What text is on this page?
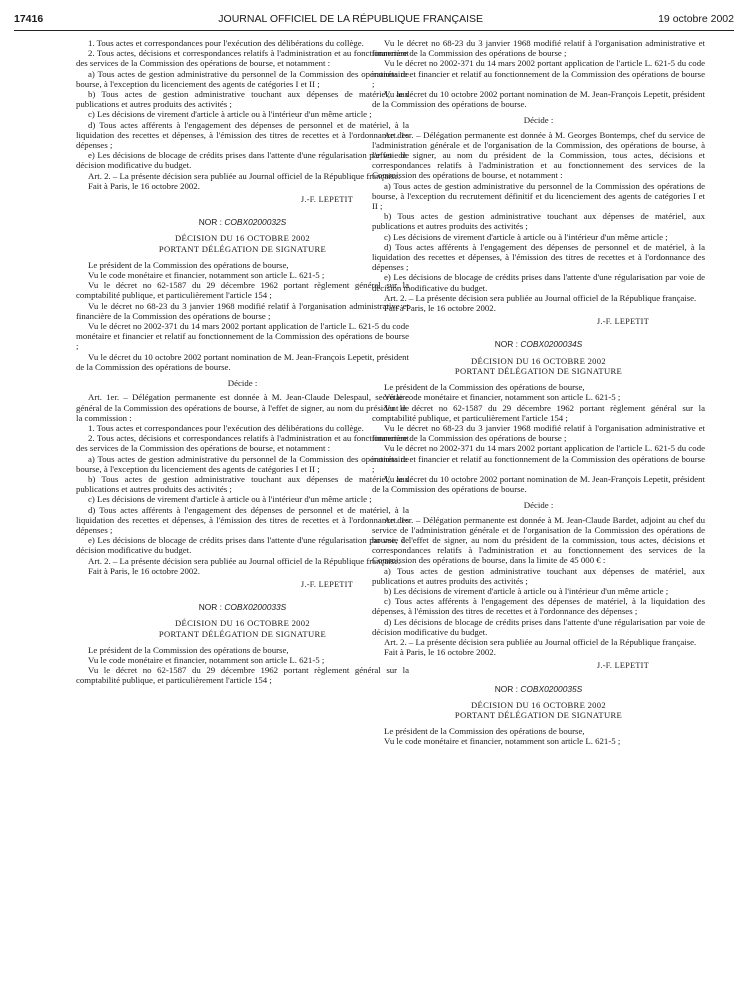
17416	JOURNAL OFFICIEL DE LA RÉPUBLIQUE FRANÇAISE	19 octobre 2002

1. Tous actes et correspondances pour l'exécution des délibérations du collège.

2. Tous actes, décisions et correspondances relatifs à l'administration et au fonctionnement des services de la Commission des opérations de bourse, et notamment :

a) Tous actes de gestion administrative du personnel de la Commission des opérations de bourse, à l'exception du licenciement des agents de catégories I et II ;

b) Tous actes de gestion administrative touchant aux dépenses de matériel, aux publications et autres produits des activités ;

c) Les décisions de virement d'article à article ou à l'intérieur d'un même article ;

d) Tous actes afférents à l'engagement des dépenses de personnel et de matériel, à la liquidation des recettes et dépenses, à l'émission des titres de recettes et à l'ordonnance des dépenses ;

e) Les décisions de blocage de crédits prises dans l'attente d'une régularisation par voie de décision modificative du budget.

Art. 2. – La présente décision sera publiée au Journal officiel de la République française.

Fait à Paris, le 16 octobre 2002.

J.-F. LEPETIT
NOR : COBX0200032S
DÉCISION DU 16 OCTOBRE 2002
PORTANT DÉLÉGATION DE SIGNATURE

Le président de la Commission des opérations de bourse,

Vu le code monétaire et financier, notamment son article L. 621-5 ;

Vu le décret no 62-1587 du 29 décembre 1962 portant règlement général sur la comptabilité publique, et particulièrement l'article 154 ;

Vu le décret no 68-23 du 3 janvier 1968 modifié relatif à l'organisation administrative et financière de la Commission des opérations de bourse ;

Vu le décret no 2002-371 du 14 mars 2002 portant application de l'article L. 621-5 du code monétaire et financier et relatif au fonctionnement de la Commission des opérations de bourse ;

Vu le décret du 10 octobre 2002 portant nomination de M. Jean-François Lepetit, président de la Commission des opérations de bourse.

Décide :

Art. 1er. – Délégation permanente est donnée à M. Jean-Claude Delespaul, secrétaire général de la Commission des opérations de bourse, à l'effet de signer, au nom du président de la commission :

1. Tous actes et correspondances pour l'exécution des délibérations du collège.

2. Tous actes, décisions et correspondances relatifs à l'administration et au fonctionnement des services de la Commission des opérations de bourse, et notamment :

a) Tous actes de gestion administrative du personnel de la Commission des opérations de bourse, à l'exception du licenciement des agents de catégories I et II ;

b) Tous actes de gestion administrative touchant aux dépenses de matériel, aux publications et autres produits des activités ;

c) Les décisions de virement d'article à article ou à l'intérieur d'un même article ;

d) Tous actes afférents à l'engagement des dépenses de personnel et de matériel, à la liquidation des recettes et dépenses, à l'émission des titres de recettes et à l'ordonnance des dépenses ;

e) Les décisions de blocage de crédits prises dans l'attente d'une régularisation par voie de décision modificative du budget.

Art. 2. – La présente décision sera publiée au Journal officiel de la République française.

Fait à Paris, le 16 octobre 2002.

J.-F. LEPETIT
NOR : COBX0200033S
DÉCISION DU 16 OCTOBRE 2002
PORTANT DÉLÉGATION DE SIGNATURE

Le président de la Commission des opérations de bourse,

Vu le code monétaire et financier, notamment son article L. 621-5 ;

Vu le décret no 62-1587 du 29 décembre 1962 portant règlement général sur la comptabilité publique, et particulièrement l'article 154 ;

Vu le décret no 68-23 du 3 janvier 1968 modifié relatif à l'organisation administrative et financière de la Commission des opérations de bourse ;

Vu le décret no 2002-371 du 14 mars 2002 portant application de l'article L. 621-5 du code monétaire et financier et relatif au fonctionnement de la Commission des opérations de bourse ;

Vu le décret du 10 octobre 2002 portant nomination de M. Jean-François Lepetit, président de la Commission des opérations de bourse.

Décide :

Art. 1er. – Délégation permanente est donnée à M. Georges Bontemps, chef du service de l'administration générale et de l'organisation de la Commission, des opérations de bourse, à l'effet de signer, au nom du président de la Commission, tous actes, décisions et correspondances relatifs à l'administration et au fonctionnement des services de la Commission des opérations de bourse, et notamment :

a) Tous actes de gestion administrative du personnel de la Commission des opérations de bourse, à l'exception du recrutement définitif et du licenciement des agents de catégories I et II ;

b) Tous actes de gestion administrative touchant aux dépenses de matériel, aux publications et autres produits des activités ;

c) Les décisions de virement d'article à article ou à l'intérieur d'un même article ;

d) Tous actes afférents à l'engagement des dépenses de personnel et de matériel, à la liquidation des recettes et dépenses, à l'émission des titres de recettes et à l'ordonnance des dépenses ;

e) Les décisions de blocage de crédits prises dans l'attente d'une régularisation par voie de décision modificative du budget.

Art. 2. – La présente décision sera publiée au Journal officiel de la République française.

Fait à Paris, le 16 octobre 2002.

J.-F. LEPETIT
NOR : COBX0200034S
DÉCISION DU 16 OCTOBRE 2002
PORTANT DÉLÉGATION DE SIGNATURE

Le président de la Commission des opérations de bourse,

Vu le code monétaire et financier, notamment son article L. 621-5 ;

Vu le décret no 62-1587 du 29 décembre 1962 portant règlement général sur la comptabilité publique, et particulièrement l'article 154 ;

Vu le décret no 68-23 du 3 janvier 1968 modifié relatif à l'organisation administrative et financière de la Commission des opérations de bourse ;

Vu le décret no 2002-371 du 14 mars 2002 portant application de l'article L. 621-5 du code monétaire et financier et relatif au fonctionnement de la Commission des opérations de bourse ;

Vu le décret du 10 octobre 2002 portant nomination de M. Jean-François Lepetit, président de la Commission des opérations de bourse.

Décide :

Art. 1er. – Délégation permanente est donnée à M. Jean-Claude Bardet, adjoint au chef du service de l'administration générale et de l'organisation de la Commission des opérations de bourse, à l'effet de signer, au nom du président de la commission, tous actes, décisions et correspondances relatifs à l'administration et au fonctionnement des services de la Commission des opérations de bourse, dans la limite de 45 000 € :

a) Tous actes de gestion administrative touchant aux dépenses de matériel, aux publications et autres produits des activités ;

b) Les décisions de virement d'article à article ou à l'intérieur d'un même article ;

c) Tous actes afférents à l'engagement des dépenses de matériel, à la liquidation des dépenses, à l'émission des titres de recettes et à l'ordonnance des dépenses ;

d) Les décisions de blocage de crédits prises dans l'attente d'une régularisation par voie de décision modificative du budget.

Art. 2. – La présente décision sera publiée au Journal officiel de la République française.

Fait à Paris, le 16 octobre 2002.

J.-F. LEPETIT
NOR : COBX0200035S
DÉCISION DU 16 OCTOBRE 2002
PORTANT DÉLÉGATION DE SIGNATURE

Le président de la Commission des opérations de bourse,

Vu le code monétaire et financier, notamment son article L. 621-5 ;
